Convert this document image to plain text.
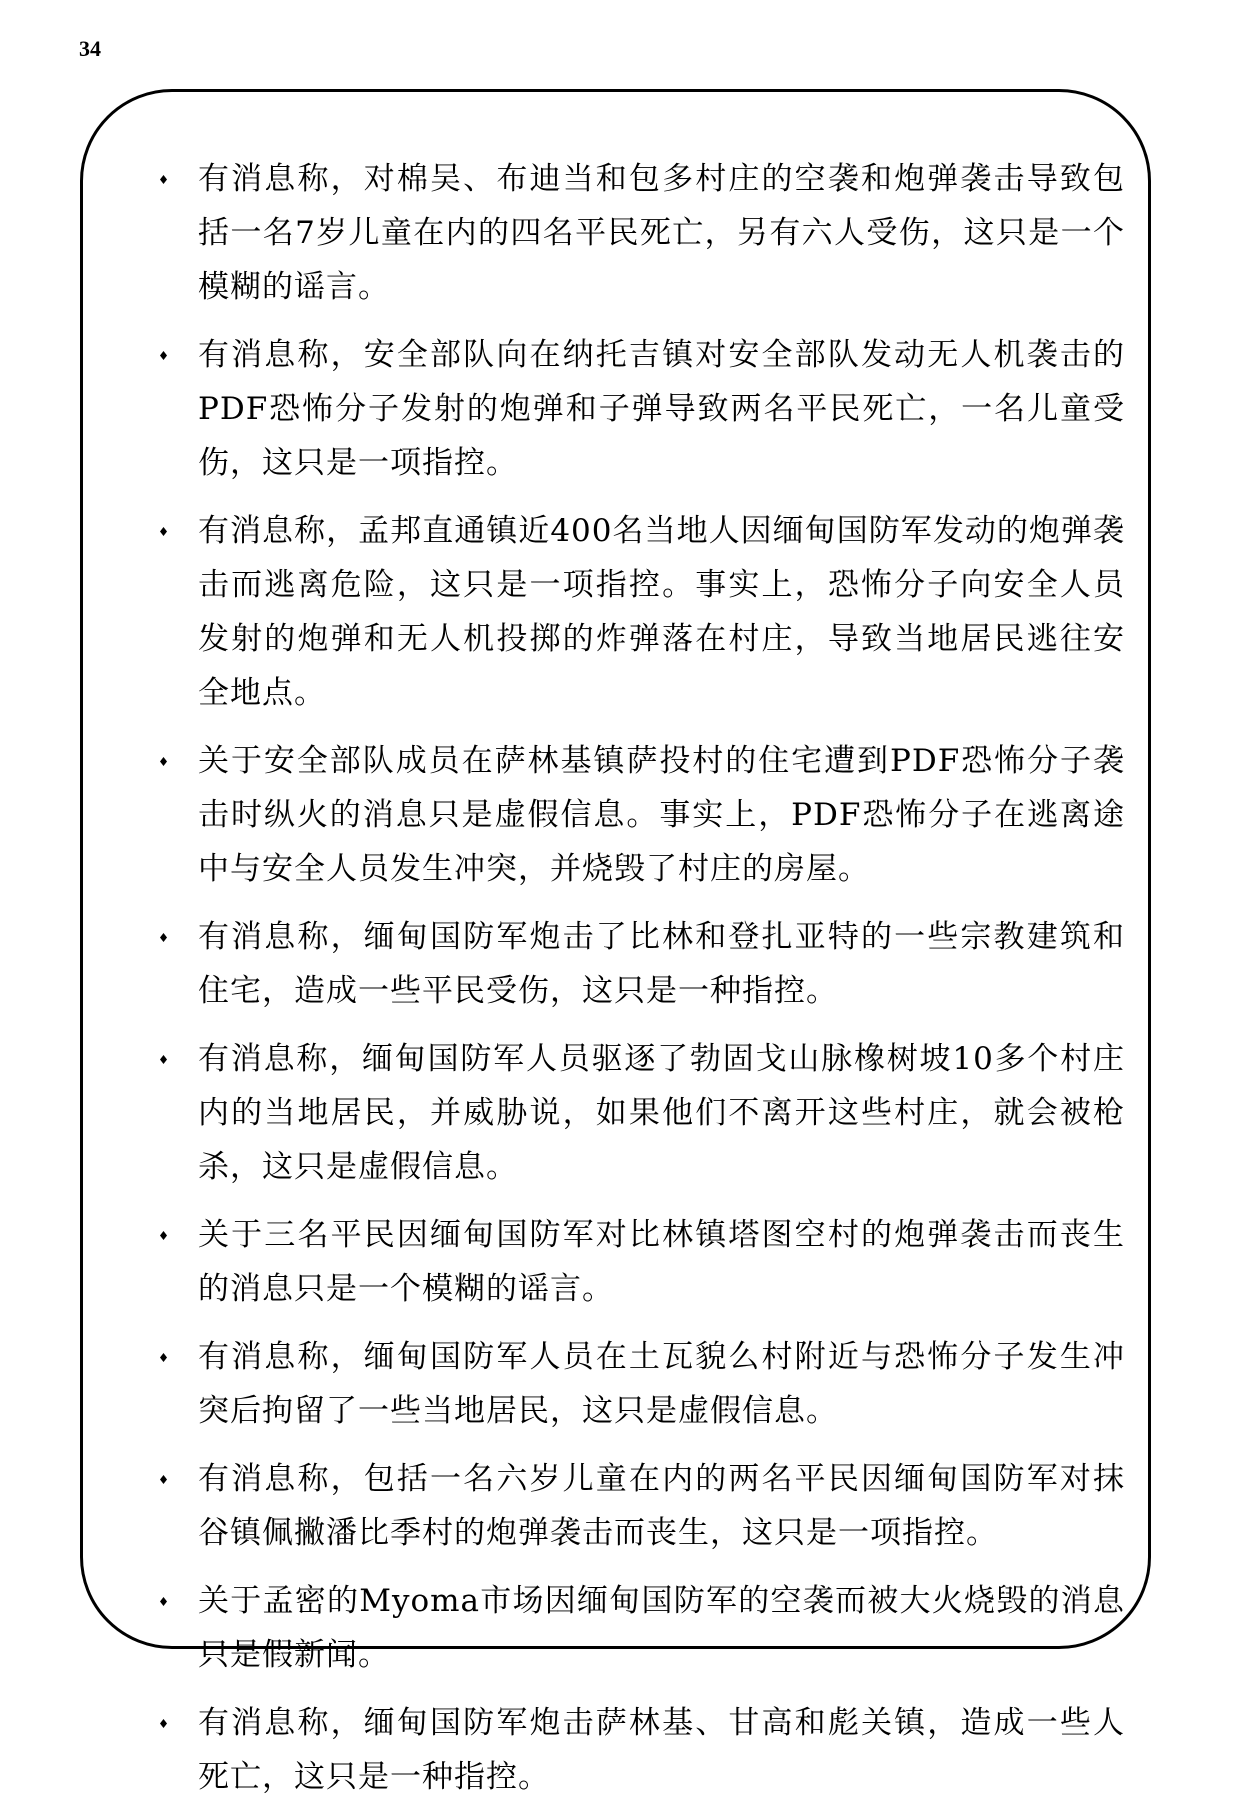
34
有消息称，对棉吴、布迪当和包多村庄的空袭和炮弹袭击导致包括一名7岁儿童在内的四名平民死亡，另有六人受伤，这只是一个模糊的谣言。
有消息称，安全部队向在纳托吉镇对安全部队发动无人机袭击的PDF恐怖分子发射的炮弹和子弹导致两名平民死亡，一名儿童受伤，这只是一项指控。
有消息称，孟邦直通镇近400名当地人因缅甸国防军发动的炮弹袭击而逃离危险，这只是一项指控。事实上，恐怖分子向安全人员发射的炮弹和无人机投掷的炸弹落在村庄，导致当地居民逃往安全地点。
关于安全部队成员在萨林基镇萨投村的住宅遭到PDF恐怖分子袭击时纵火的消息只是虚假信息。事实上，PDF恐怖分子在逃离途中与安全人员发生冲突，并烧毁了村庄的房屋。
有消息称，缅甸国防军炮击了比林和登扎亚特的一些宗教建筑和住宅，造成一些平民受伤，这只是一种指控。
有消息称，缅甸国防军人员驱逐了勃固戈山脉橡树坡10多个村庄内的当地居民，并威胁说，如果他们不离开这些村庄，就会被枪杀，这只是虚假信息。
关于三名平民因缅甸国防军对比林镇塔图空村的炮弹袭击而丧生的消息只是一个模糊的谣言。
有消息称，缅甸国防军人员在土瓦貌么村附近与恐怖分子发生冲突后拘留了一些当地居民，这只是虚假信息。
有消息称，包括一名六岁儿童在内的两名平民因缅甸国防军对抹谷镇佩撇潘比季村的炮弹袭击而丧生，这只是一项指控。
关于孟密的Myoma市场因缅甸国防军的空袭而被大火烧毁的消息只是假新闻。
有消息称，缅甸国防军炮击萨林基、甘高和彪关镇，造成一些人死亡，这只是一种指控。
